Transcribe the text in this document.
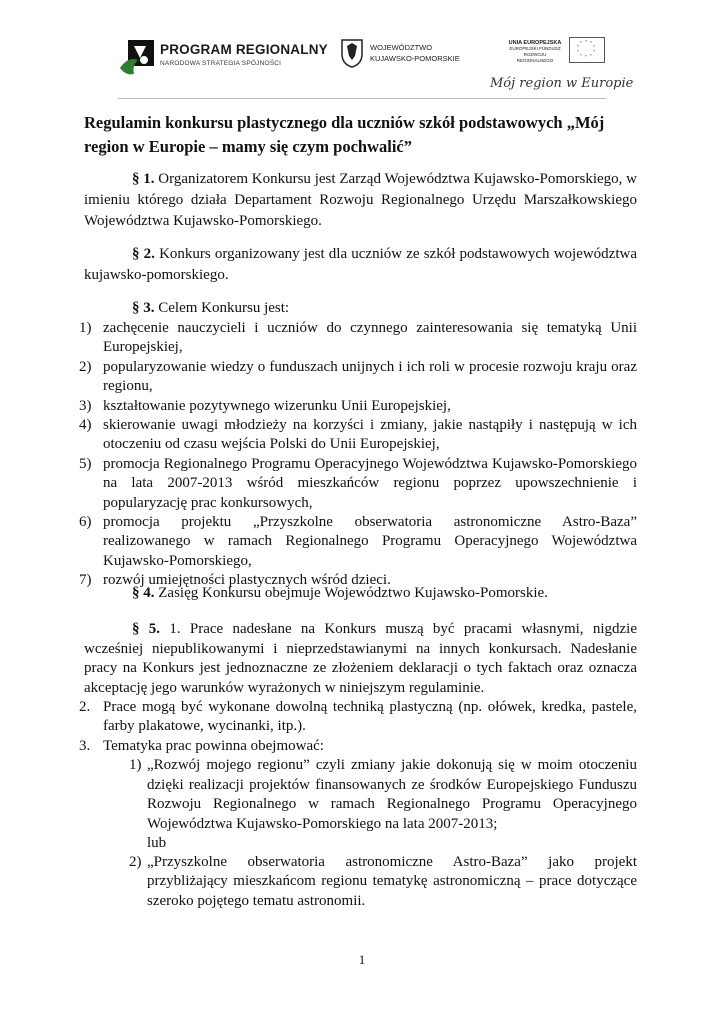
PROGRAM REGIONALNY
NARODOWA STRATEGIA SPÓJNOŚCI
WOJEWÓDZTWO
KUJAWSKO-POMORSKIE
UNIA EUROPEJSKA
EUROPEJSKI FUNDUSZ
ROZWOJU REGIONALNEGO
* *
*
*
*
*
*
*
*
*
Mój region w Europie

Regulamin konkursu plastycznego dla uczniów szkół podstawowych „Mój region w Europie – mamy się czym pochwalić”

§ 1. Organizatorem Konkursu jest Zarząd Województwa Kujawsko-Pomorskiego, w imieniu którego działa Departament Rozwoju Regionalnego Urzędu Marszałkowskiego Województwa Kujawsko-Pomorskiego.

§ 2. Konkurs organizowany jest dla uczniów ze szkół podstawowych województwa kujawsko-pomorskiego.

§ 3. Celem Konkursu jest:

1) zachęcenie nauczycieli i uczniów do czynnego zainteresowania się tematyką Unii Europejskiej,
2) popularyzowanie wiedzy o funduszach unijnych i ich roli w procesie rozwoju kraju oraz regionu,
3) kształtowanie pozytywnego wizerunku Unii Europejskiej,
4) skierowanie uwagi młodzieży na korzyści i zmiany, jakie nastąpiły i następują w ich otoczeniu od czasu wejścia Polski do Unii Europejskiej,
5) promocja Regionalnego Programu Operacyjnego Województwa Kujawsko-Pomorskiego na lata 2007-2013 wśród mieszkańców regionu poprzez upowszechnienie i popularyzację prac konkursowych,
6) promocja projektu „Przyszkolne obserwatoria astronomiczne Astro-Baza” realizowanego w ramach Regionalnego Programu Operacyjnego Województwa Kujawsko-Pomorskiego,
7) rozwój umiejętności plastycznych wśród dzieci.

§ 4. Zasięg Konkursu obejmuje Województwo Kujawsko-Pomorskie.

§ 5. 1. Prace nadesłane na Konkurs muszą być pracami własnymi, nigdzie wcześniej niepublikowanymi i nieprzedstawianymi na innych konkursach. Nadesłanie pracy na Konkurs jest jednoznaczne ze złożeniem deklaracji o tych faktach oraz oznacza akceptację jego warunków wyrażonych w niniejszym regulaminie.

2. Prace mogą być wykonane dowolną techniką plastyczną (np. ołówek, kredka, pastele, farby plakatowe, wycinanki, itp.).
3. Tematyka prac powinna obejmować:
1) „Rozwój mojego regionu” czyli zmiany jakie dokonują się w moim otoczeniu dzięki realizacji projektów finansowanych ze środków Europejskiego Funduszu Rozwoju Regionalnego w ramach Regionalnego Programu Operacyjnego Województwa Kujawsko-Pomorskiego na lata 2007-2013;
lub
2) „Przyszkolne obserwatoria astronomiczne Astro-Baza” jako projekt przybliżający mieszkańcom regionu tematykę astronomiczną – prace dotyczące szeroko pojętego tematu astronomii.
1
